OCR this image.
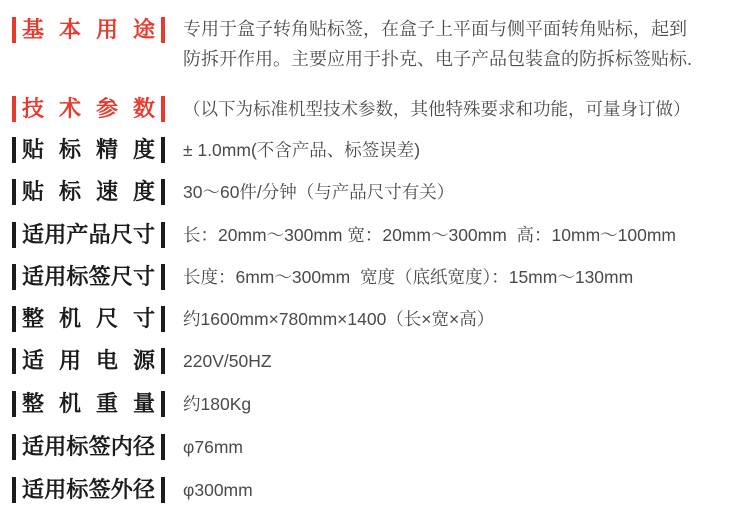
基 本 用 途 专用于盒子转角贴标签，在盒子上平面与侧平面转角贴标，起到
防拆开作用。主要应用于扑克、电子产品包装盒的防拆标签贴标.
技 术 参 数 （以下为标准机型技术参数，其他特殊要求和功能，可量身订做）
贴 标 精 度 ± 1.0mm(不含产品、标签误差)
贴 标 速 度 30～60件/分钟（与产品尺寸有关）
适 用 产 品 尺 寸 长：20mm～300mm 宽：20mm～300mm  高：10mm～100mm
适 用 标 签 尺 寸 长度：6mm～300mm  宽度（底纸宽度）：15mm～130mm
整 机 尺 寸 约1600mm×780mm×1400（长×宽×高）
适 用 电 源 220V/50HZ
整 机 重 量 约180Kg
适 用 标 签 内 径 φ76mm
适 用 标 签 外 径 φ300mm
